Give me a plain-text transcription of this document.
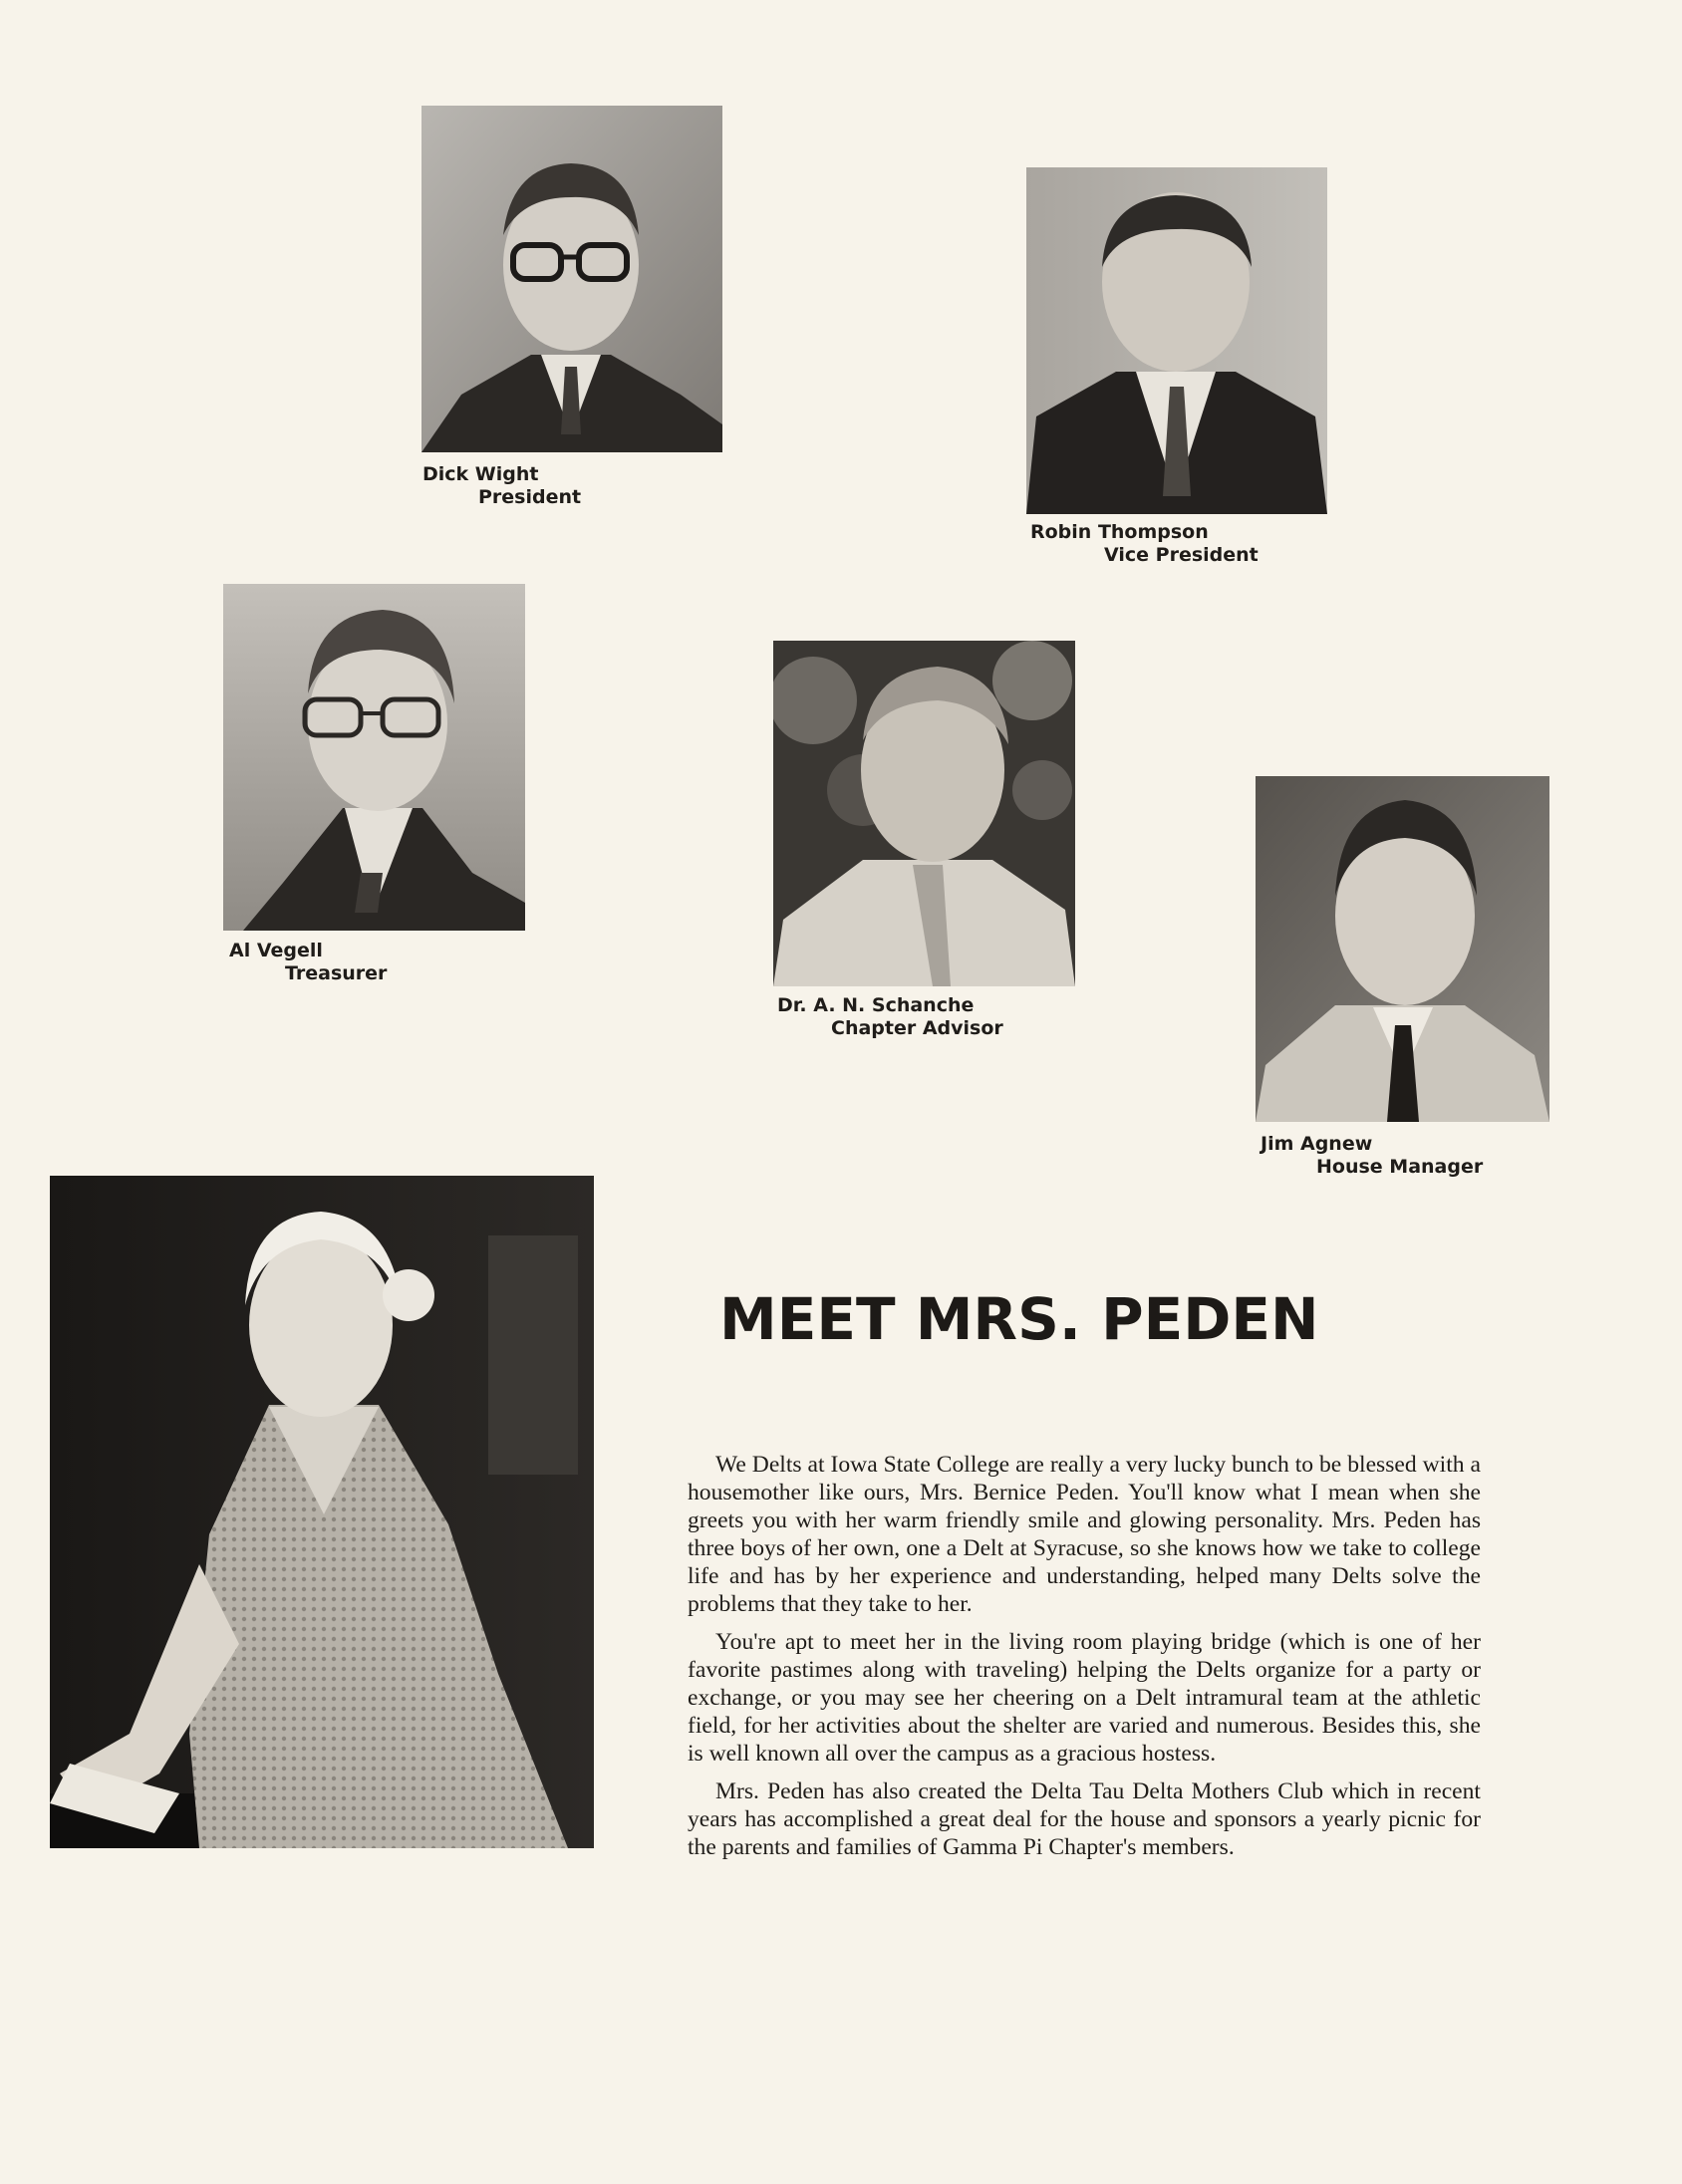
Dick Wight
President
Robin Thompson
Vice President
Al Vegell
Treasurer
Dr. A. N. Schanche
Chapter Advisor
Jim Agnew
House Manager
MEET MRS. PEDEN

We Delts at Iowa State College are really a very lucky bunch to be blessed with a housemother like ours, Mrs. Bernice Peden. You'll know what I mean when she greets you with her warm friendly smile and glowing personality. Mrs. Peden has three boys of her own, one a Delt at Syracuse, so she knows how we take to college life and has by her experience and understanding, helped many Delts solve the problems that they take to her.

You're apt to meet her in the living room playing bridge (which is one of her favorite pastimes along with traveling) helping the Delts organize for a party or exchange, or you may see her cheering on a Delt intramural team at the athletic field, for her activities about the shelter are varied and numerous. Besides this, she is well known all over the campus as a gracious hostess.

Mrs. Peden has also created the Delta Tau Delta Mothers Club which in recent years has accomplished a great deal for the house and sponsors a yearly picnic for the parents and families of Gamma Pi Chapter's members.
